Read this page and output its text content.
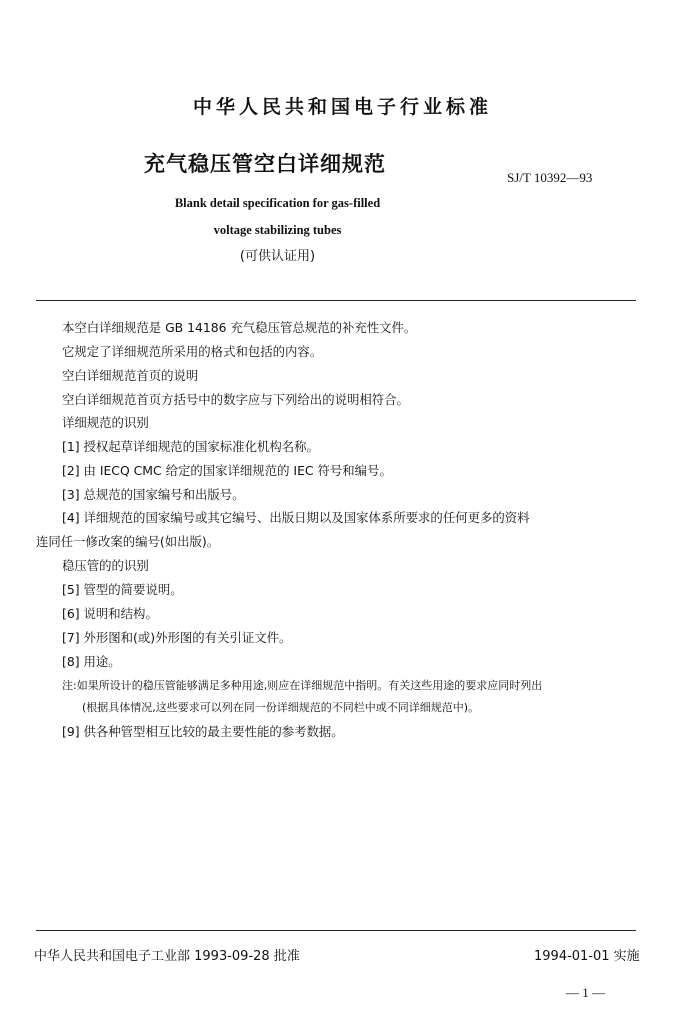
中华人民共和国电子行业标准
充气稳压管空白详细规范
SJ/T 10392—93
Blank detail specification for gas-filled
voltage stabilizing tubes
(可供认证用)
本空白详细规范是 GB 14186 充气稳压管总规范的补充性文件。
它规定了详细规范所采用的格式和包括的内容。
空白详细规范首页的说明
空白详细规范首页方括号中的数字应与下列给出的说明相符合。
详细规范的识别
[1] 授权起草详细规范的国家标准化机构名称。
[2] 由 IECQ CMC 给定的国家详细规范的 IEC 符号和编号。
[3] 总规范的国家编号和出版号。
[4] 详细规范的国家编号或其它编号、出版日期以及国家体系所要求的任何更多的资料
连同任一修改案的编号(如出版)。
稳压管的的识别
[5] 管型的简要说明。
[6] 说明和结构。
[7] 外形图和(或)外形图的有关引证文件。
[8] 用途。
注:如果所设计的稳压管能够满足多种用途,则应在详细规范中指明。有关这些用途的要求应同时列出
(根据具体情况,这些要求可以列在同一份详细规范的不同栏中或不同详细规范中)。
[9] 供各种管型相互比较的最主要性能的参考数据。
中华人民共和国电子工业部 1993-09-28 批准	1994-01-01 实施
— 1 —
